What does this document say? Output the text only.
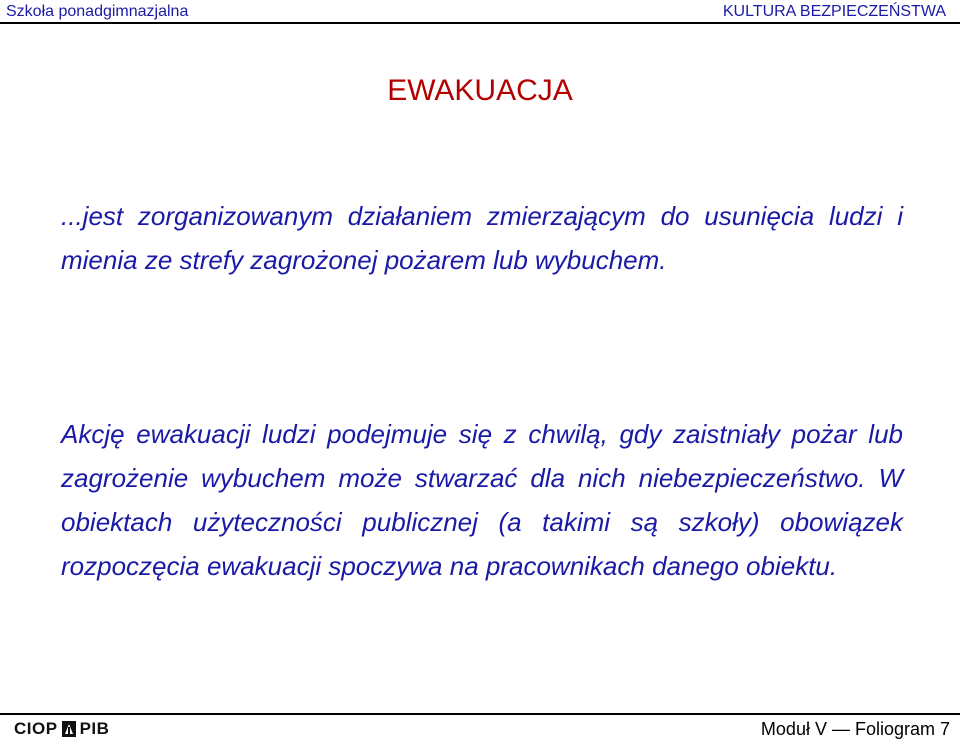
Szkoła ponadgimnazjalna	KULTURA BEZPIECZEŃSTWA
EWAKUACJA
...jest zorganizowanym działaniem zmierzającym do usunięcia ludzi i mienia ze strefy zagrożonej pożarem lub wybuchem.
Akcję ewakuacji ludzi podejmuje się z chwilą, gdy zaistniały pożar lub zagrożenie wybuchem może stwarzać dla nich niebezpieczeństwo. W obiektach użyteczności publicznej (a takimi są szkoły) obowiązek rozpoczęcia ewakuacji spoczywa na pracownikach danego obiektu.
CIOP PIB	Moduł V — Foliogram 7
